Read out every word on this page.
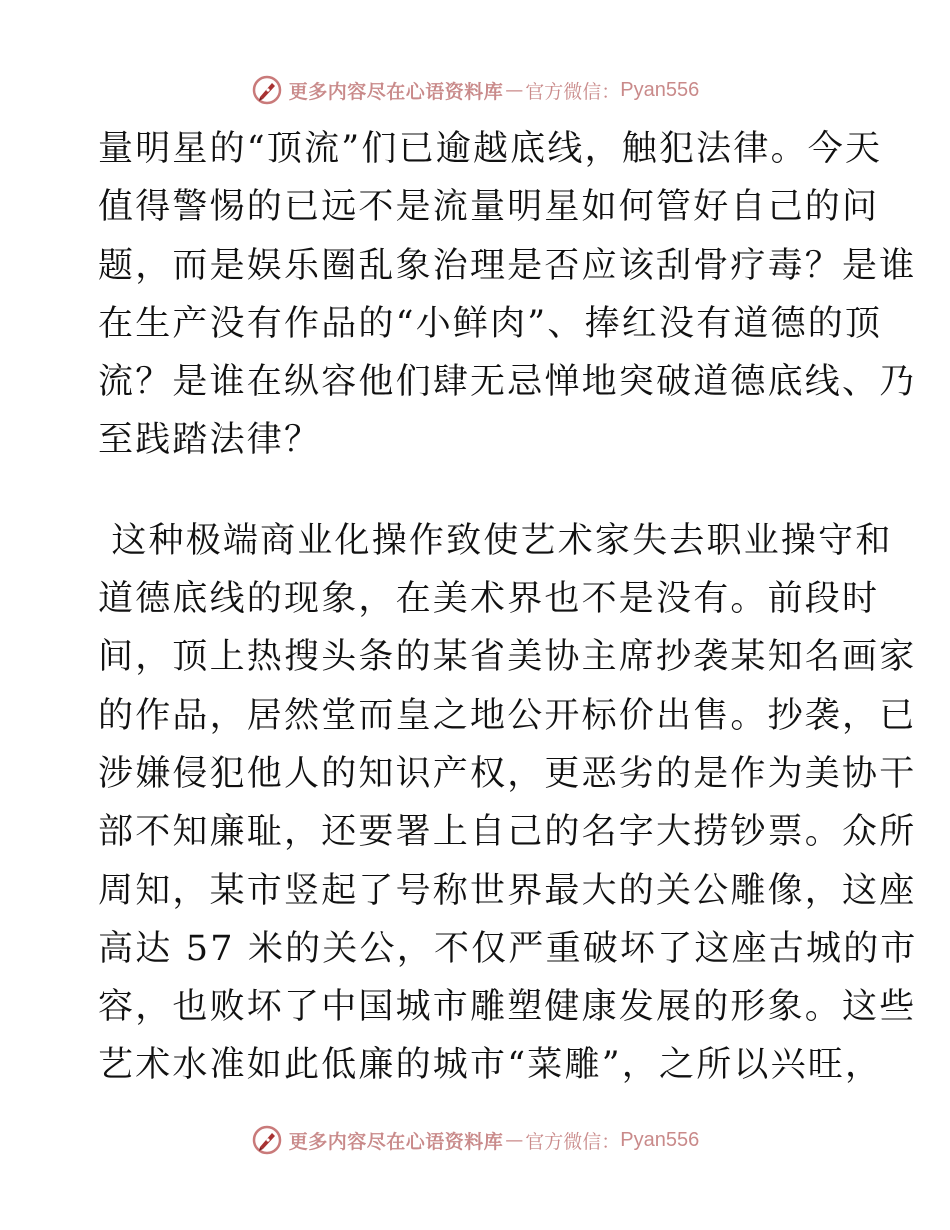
更多内容尽在心语资料库 — 官方微信： Pyan556
量明星的“顶流”们已逾越底线，触犯法律。今天
值得警惕的已远不是流量明星如何管好自己的问
题，而是娱乐圈乱象治理是否应该刮骨疗毒？是谁
在生产没有作品的“小鲜肉”、捧红没有道德的顶
流？是谁在纵容他们肆无忌惮地突破道德底线、乃
至践踏法律？
这种极端商业化操作致使艺术家失去职业操守和
道德底线的现象，在美术界也不是没有。前段时
间，顶上热搜头条的某省美协主席抄袭某知名画家
的作品，居然堂而皇之地公开标价出售。抄袭，已
涉嫌侵犯他人的知识产权，更恶劣的是作为美协干
部不知廉耻，还要署上自己的名字大捞钞票。众所
周知，某市竖起了号称世界最大的关公雕像，这座
高达 57 米的关公，不仅严重破坏了这座古城的市
容，也败坏了中国城市雕塑健康发展的形象。这些
艺术水准如此低廉的城市“菜雕”，之所以兴旺，
更多内容尽在心语资料库 — 官方微信： Pyan556
